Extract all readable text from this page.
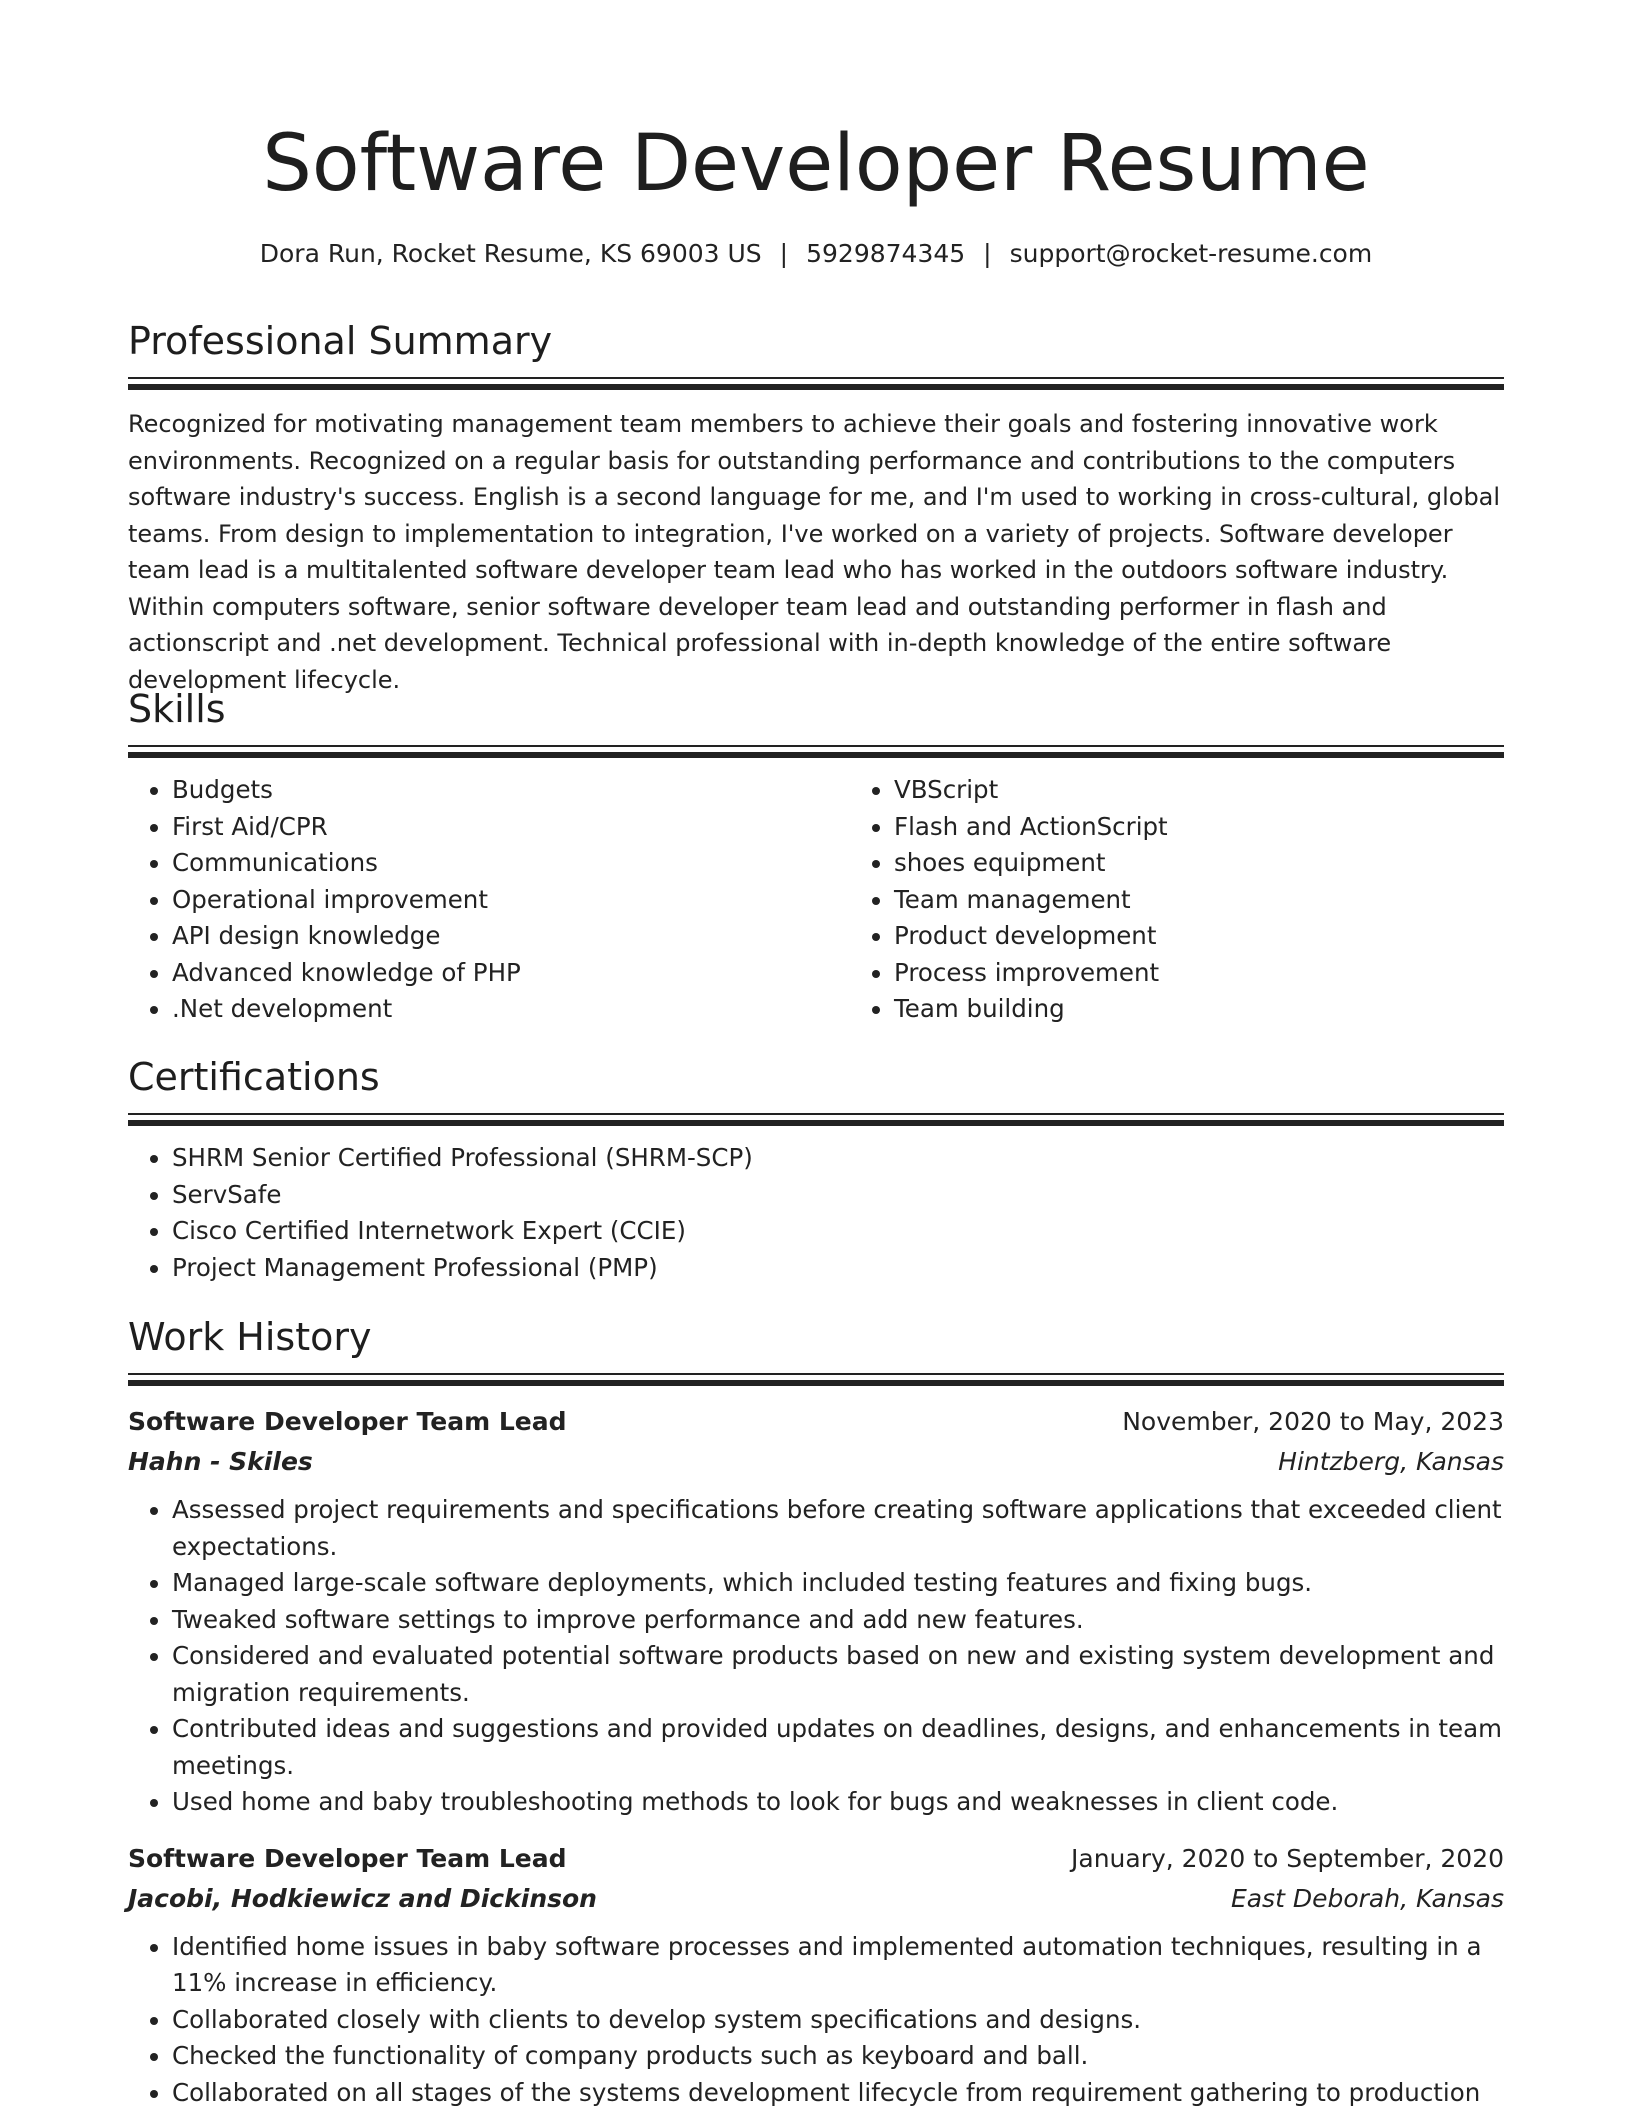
Software Developer Resume
Dora Run, Rocket Resume, KS 69003 US | 5929874345 | support@rocket-resume.com
Professional Summary
Recognized for motivating management team members to achieve their goals and fostering innovative work environments. Recognized on a regular basis for outstanding performance and contributions to the computers software industry's success. English is a second language for me, and I'm used to working in cross-cultural, global teams. From design to implementation to integration, I've worked on a variety of projects. Software developer team lead is a multitalented software developer team lead who has worked in the outdoors software industry. Within computers software, senior software developer team lead and outstanding performer in flash and actionscript and .net development. Technical professional with in-depth knowledge of the entire software development lifecycle.
Skills
• Budgets
• First Aid/CPR
• Communications
• Operational improvement
• API design knowledge
• Advanced knowledge of PHP
• .Net development
• VBScript
• Flash and ActionScript
• shoes equipment
• Team management
• Product development
• Process improvement
• Team building
Certifications
• SHRM Senior Certified Professional (SHRM-SCP)
• ServSafe
• Cisco Certified Internetwork Expert (CCIE)
• Project Management Professional (PMP)
Work History
Software Developer Team Lead	November, 2020 to May, 2023
Hahn - Skiles	Hintzberg, Kansas
• Assessed project requirements and specifications before creating software applications that exceeded client expectations.
• Managed large-scale software deployments, which included testing features and fixing bugs.
• Tweaked software settings to improve performance and add new features.
• Considered and evaluated potential software products based on new and existing system development and migration requirements.
• Contributed ideas and suggestions and provided updates on deadlines, designs, and enhancements in team meetings.
• Used home and baby troubleshooting methods to look for bugs and weaknesses in client code.
Software Developer Team Lead	January, 2020 to September, 2020
Jacobi, Hodkiewicz and Dickinson	East Deborah, Kansas
• Identified home issues in baby software processes and implemented automation techniques, resulting in a 11% increase in efficiency.
• Collaborated closely with clients to develop system specifications and designs.
• Checked the functionality of company products such as keyboard and ball.
• Collaborated on all stages of the systems development lifecycle from requirement gathering to production
